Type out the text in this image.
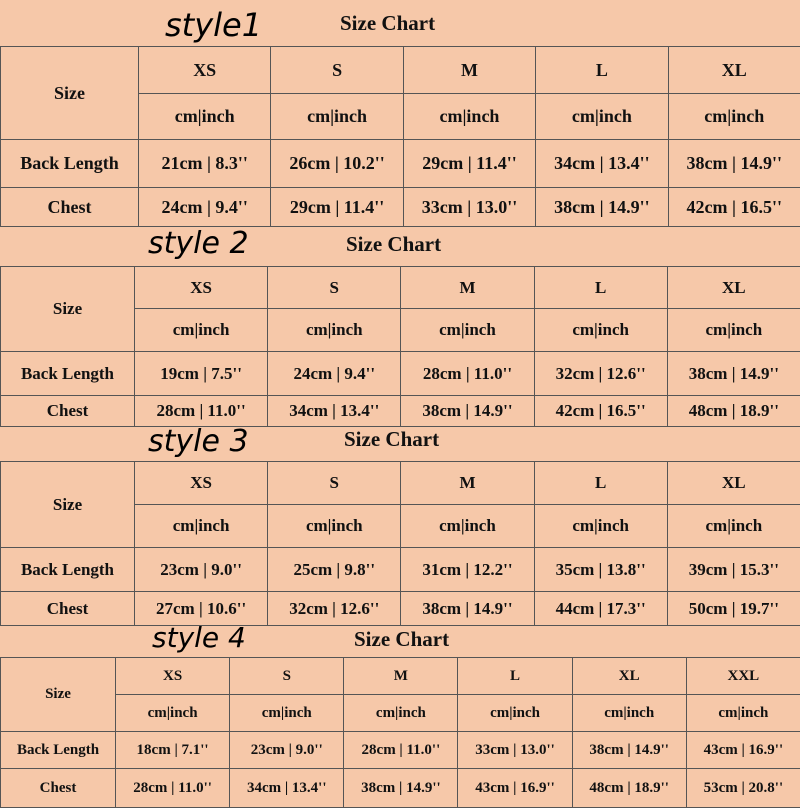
style1	Size Chart
Size	XS	S	M	L	XL
	cm|inch	cm|inch	cm|inch	cm|inch	cm|inch
Back Length	21cm | 8.3''	26cm | 10.2''	29cm | 11.4''	34cm | 13.4''	38cm | 14.9''
Chest	24cm | 9.4''	29cm | 11.4''	33cm | 13.0''	38cm | 14.9''	42cm | 16.5''
style 2	Size Chart
Size	XS	S	M	L	XL
	cm|inch	cm|inch	cm|inch	cm|inch	cm|inch
Back Length	19cm | 7.5''	24cm | 9.4''	28cm | 11.0''	32cm | 12.6''	38cm | 14.9''
Chest	28cm | 11.0''	34cm | 13.4''	38cm | 14.9''	42cm | 16.5''	48cm | 18.9''
style 3	Size Chart
Size	XS	S	M	L	XL
	cm|inch	cm|inch	cm|inch	cm|inch	cm|inch
Back Length	23cm | 9.0''	25cm | 9.8''	31cm | 12.2''	35cm | 13.8''	39cm | 15.3''
Chest	27cm | 10.6''	32cm | 12.6''	38cm | 14.9''	44cm | 17.3''	50cm | 19.7''
style 4	Size Chart
Size	XS	S	M	L	XL	XXL
	cm|inch	cm|inch	cm|inch	cm|inch	cm|inch	cm|inch
Back Length	18cm | 7.1''	23cm | 9.0''	28cm | 11.0''	33cm | 13.0''	38cm | 14.9''	43cm | 16.9''
Chest	28cm | 11.0''	34cm | 13.4''	38cm | 14.9''	43cm | 16.9''	48cm | 18.9''	53cm | 20.8''
